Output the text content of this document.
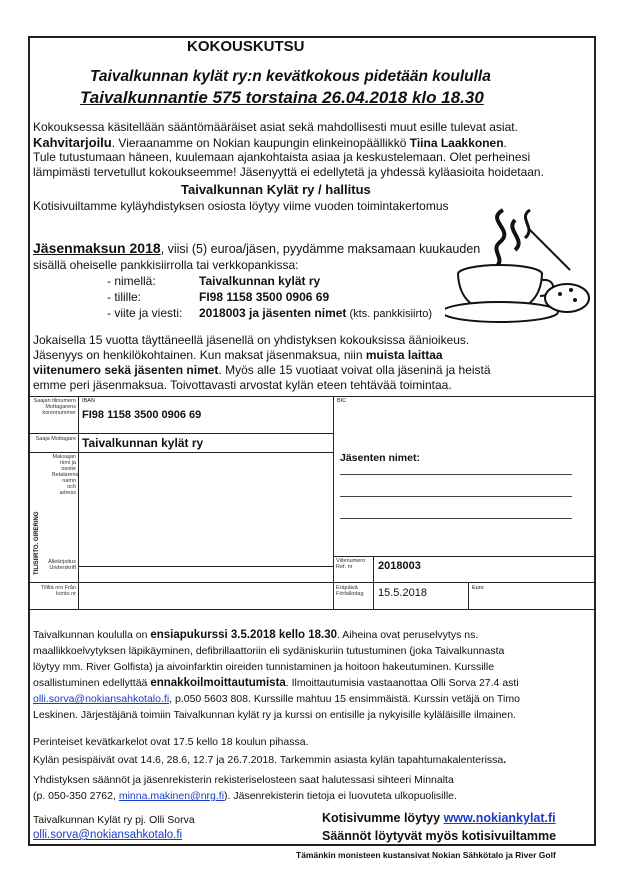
KOKOUSKUTSU
Taivalkunnan kylät ry:n kevätkokous pidetään koululla
Taivalkunnantie 575 torstaina 26.04.2018 klo 18.30
Kokouksessa käsitellään sääntömääräiset asiat sekä mahdollisesti muut esille tulevat asiat.
Kahvitarjoilu. Vieraanamme on Nokian kaupungin elinkeinopäällikkö Tiina Laakkonen.
Tule tutustumaan häneen, kuulemaan ajankohtaista asiaa ja keskustelemaan. Olet perheinesi
lämpimästi tervetullut kokoukseemme! Jäsenyyttä ei edellytetä ja yhdessä kyläasioita hoidetaan.
Taivalkunnan Kylät ry / hallitus
Kotisivuiltamme kyläyhdistyksen osiosta löytyy viime vuoden toimintakertomus
Jäsenmaksun 2018, viisi (5) euroa/jäsen, pyydämme maksamaan kuukauden
sisällä oheiselle pankkisiirrolla tai verkkopankissa:
- nimellä:	Taivalkunnan kylät ry
- tilille:	FI98 1158 3500 0906 69
- viite ja viesti: 2018003 ja jäsenten nimet (kts. pankkisiirto)
Jokaisella 15 vuotta täyttäneellä jäsenellä on yhdistyksen kokouksissa äänioikeus.
Jäsenyys on henkilökohtainen. Kun maksat jäsenmaksua, niin muista laittaa
viitenumero sekä jäsenten nimet. Myös alle 15 vuotiaat voivat olla jäseninä ja heistä
emme peri jäsenmaksua. Toivottavasti arvostat kylän eteen tehtävää toimintaa.
Saajan tilinumero Mottagarens kontonummer
IBAN
FI98 1158 3500 0906 69
BIC
Saaja Mottagare Taivalkunnan kylät ry
Maksajan nimi ja osoite Betalarens namn och adress
TILISIIRTO. GIRERING
Jäsenten nimet:
Allekirjoitus Underskrift
Viitenumero Ref. nr	2018003
Tililtä nro Från konto nr
Eräpäivä Förfallodag	15.5.2018	Euro
Taivalkunnan koululla on ensiapukurssi 3.5.2018 kello 18.30. Aiheina ovat peruselvytys ns.
maallikkoelvytyksen läpikäyminen, defibrillaattoriin eli sydäniskuriin tutustuminen (joka Taivalkunnasta
löytyy mm. River Golfista) ja aivoinfarktin oireiden tunnistaminen ja hoitoon hakeutuminen. Kurssille
osallistuminen edellyttää ennakkoilmoittautumista. Ilmoittautumisia vastaanottaa Olli Sorva 27.4 asti
olli.sorva@nokiansahkotalo.fi, p.050 5603 808. Kurssille mahtuu 15 ensimmäistä. Kurssin vetäjä on Timo
Leskinen. Järjestäjänä toimiin Taivalkunnan kylät ry ja kurssi on entisille ja nykyisille kyläläisille ilmainen.
Perinteiset kevätkarkelot ovat 17.5 kello 18 koulun pihassa.
Kylän pesispäivät ovat 14.6, 28.6, 12.7 ja 26.7.2018. Tarkemmin asiasta kylän tapahtumakalenterissa.
Yhdistyksen säännöt ja jäsenrekisterin rekisteriselosteen saat halutessasi sihteeri Minnalta
(p. 050-350 2762, minna.makinen@nrg.fi). Jäsenrekisterin tietoja ei luovuteta ulkopuolisille.
Taivalkunnan Kylät ry pj. Olli Sorva
olli.sorva@nokiansahkotalo.fi
Kotisivumme löytyy www.nokiankylat.fi
Säännöt löytyvät myös kotisivuiltamme
Tämänkin monisteen kustansivat Nokian Sähkötalo ja River Golf
